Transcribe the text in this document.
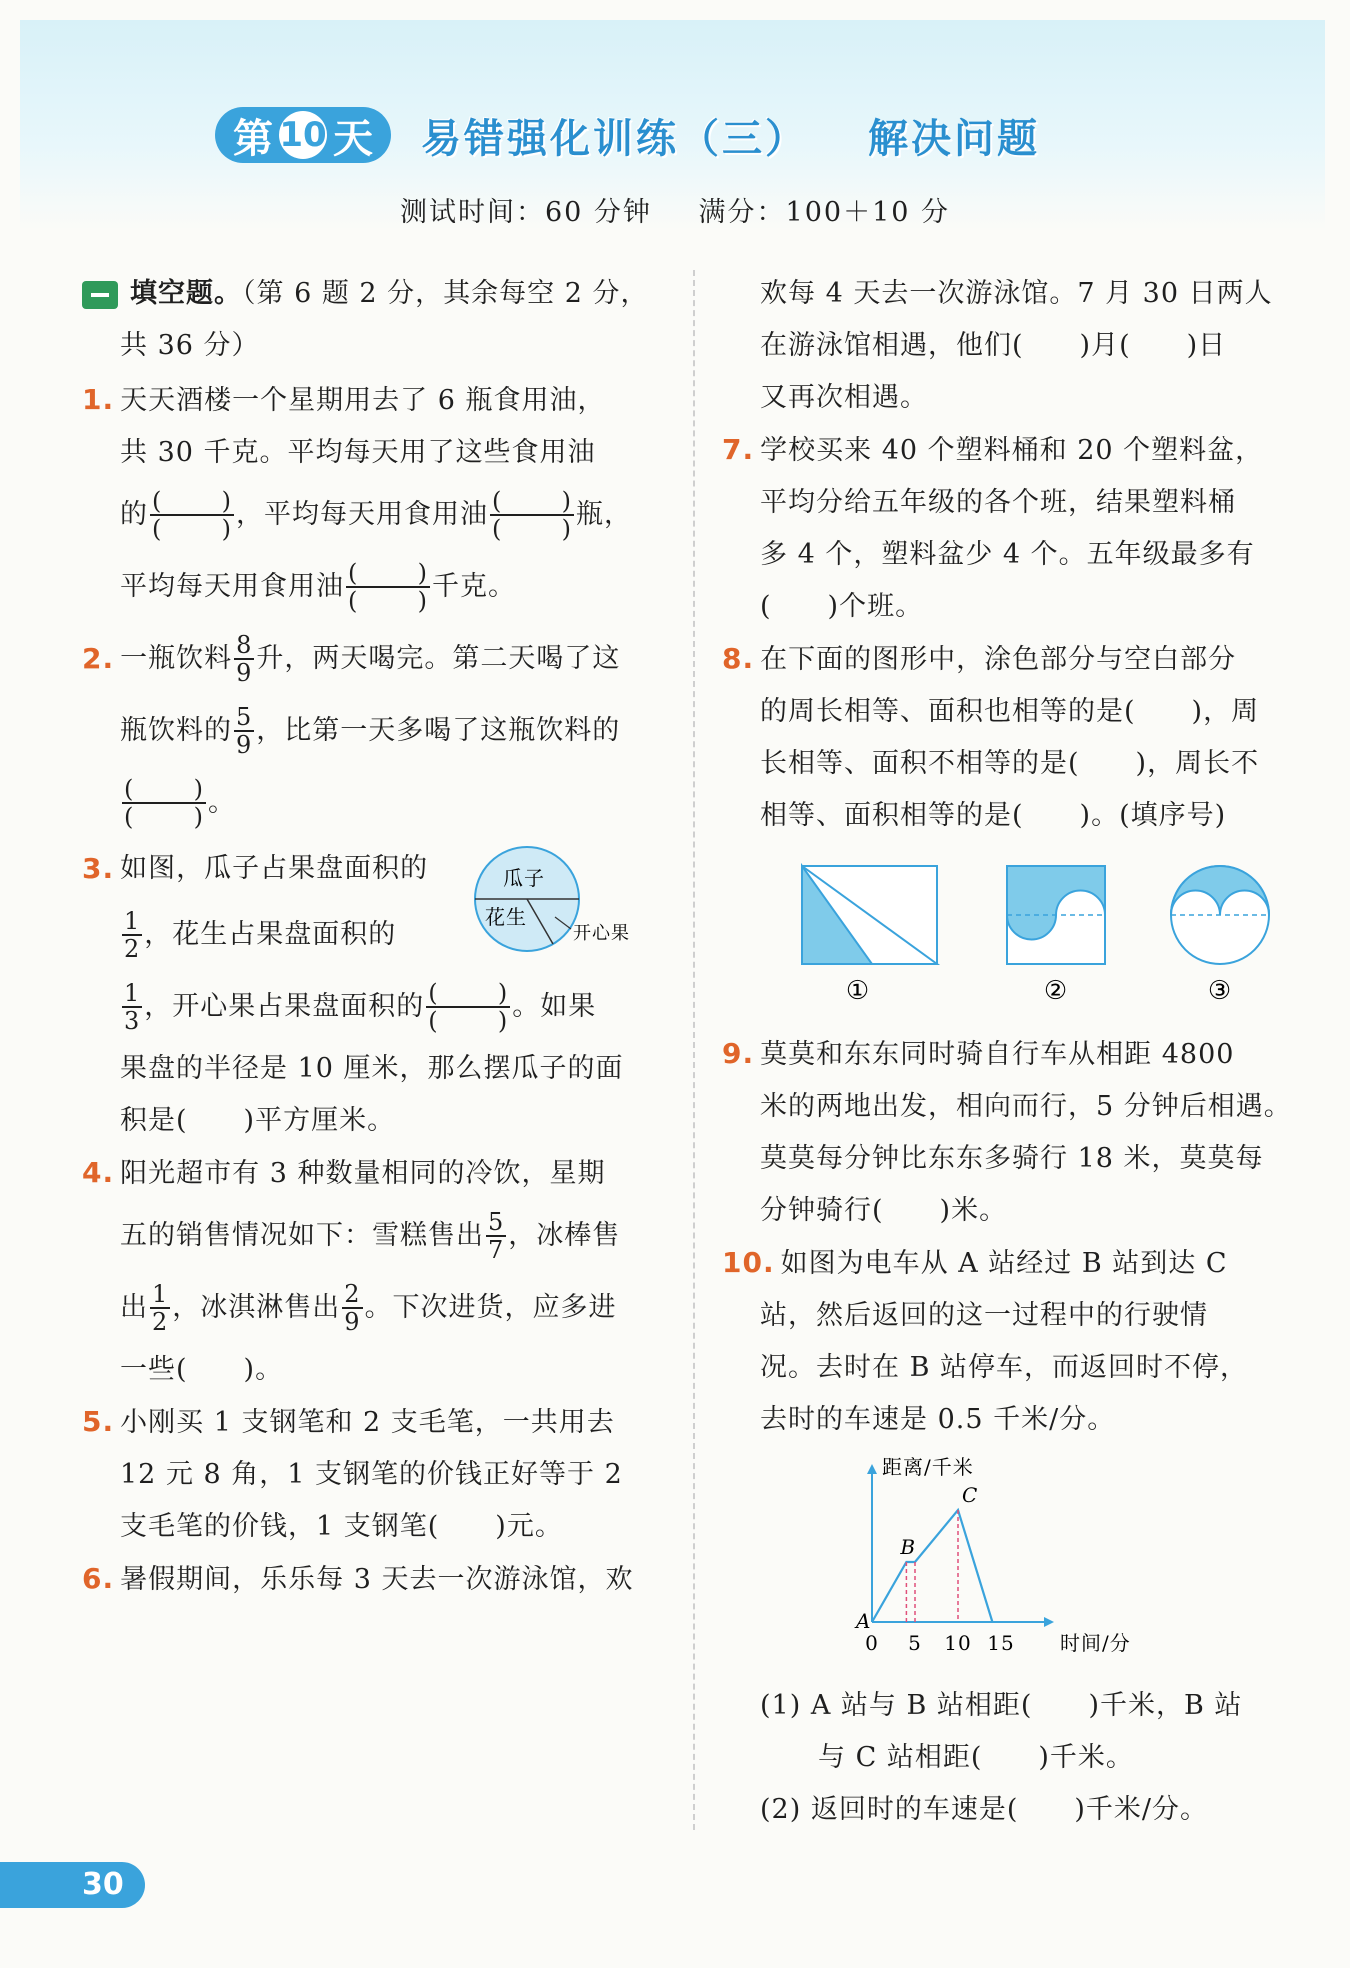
第 10 天 易错强化训练（三） 解决问题
测试时间：60 分钟 满分：100＋10 分
填空题。（第 6 题 2 分，其余每空 2 分，
共 36 分）
1. 天天酒楼一个星期用去了 6 瓶食用油，
共 30 千克。平均每天用了这些食用油
的 $\frac{( )}{( )}$ ，平均每天用食用油 $\frac{( )}{( )}$ 瓶，
平均每天用食用油 $\frac{( )}{( )}$ 千克。
2. 一瓶饮料 $\frac{8}{9}$ 升，两天喝完。第二天喝了这
瓶饮料的 $\frac{5}{9}$ ，比第一天多喝了这瓶饮料的
$\frac{( )}{( )}$ 。
3. 如图，瓜子占果盘面积的
$\frac{1}{2}$ ，花生占果盘面积的
瓜子
花生
开心果
$\frac{1}{3}$ ，开心果占果盘面积的 $\frac{( )}{( )}$ 。如果
果盘的半径是 10 厘米，那么摆瓜子的面
积是(　　)平方厘米。
4. 阳光超市有 3 种数量相同的冷饮，星期
五的销售情况如下：雪糕售出 $\frac{5}{7}$ ，冰棒售
出 $\frac{1}{2}$ ，冰淇淋售出 $\frac{2}{9}$ 。下次进货，应多进
一些(　　)。
5. 小刚买 1 支钢笔和 2 支毛笔，一共用去
12 元 8 角，1 支钢笔的价钱正好等于 2
支毛笔的价钱，1 支钢笔(　　)元。
6. 暑假期间，乐乐每 3 天去一次游泳馆，欢
欢每 4 天去一次游泳馆。7 月 30 日两人
在游泳馆相遇，他们(　　)月(　　)日
又再次相遇。
7. 学校买来 40 个塑料桶和 20 个塑料盆，
平均分给五年级的各个班，结果塑料桶
多 4 个，塑料盆少 4 个。五年级最多有
(　　)个班。
8. 在下面的图形中，涂色部分与空白部分
的周长相等、面积也相等的是(　　)，周
长相等、面积不相等的是(　　)，周长不
相等、面积相等的是(　　)。(填序号)
①	②	③
9. 莫莫和东东同时骑自行车从相距 4800
米的两地出发，相向而行，5 分钟后相遇。
莫莫每分钟比东东多骑行 18 米，莫莫每
分钟骑行(　　)米。
10. 如图为电车从 A 站经过 B 站到达 C
站，然后返回的这一过程中的行驶情
况。去时在 B 站停车，而返回时不停，
去时的车速是 0.5 千米/分。
距离/千米
时间/分
0 5 10 15
A
B
C
(1) A 站与 B 站相距(　　)千米，B 站
与 C 站相距(　　)千米。
(2) 返回时的车速是(　　)千米/分。
30
